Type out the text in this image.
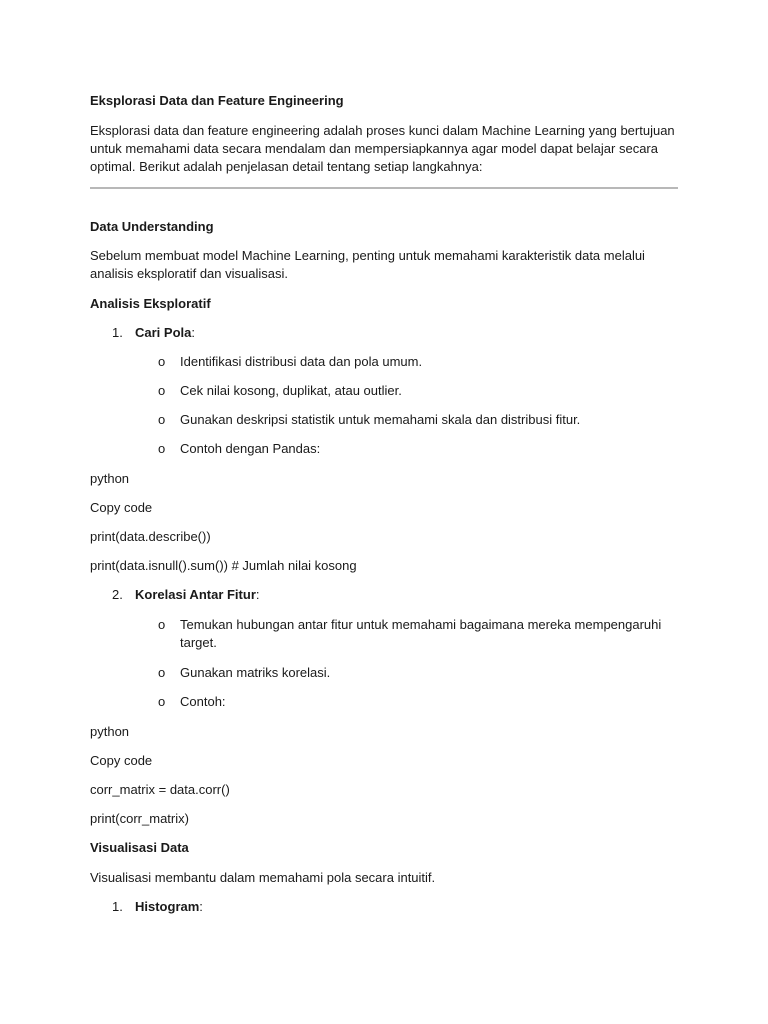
Eksplorasi Data dan Feature Engineering
Eksplorasi data dan feature engineering adalah proses kunci dalam Machine Learning yang bertujuan untuk memahami data secara mendalam dan mempersiapkannya agar model dapat belajar secara optimal. Berikut adalah penjelasan detail tentang setiap langkahnya:
Data Understanding
Sebelum membuat model Machine Learning, penting untuk memahami karakteristik data melalui analisis eksploratif dan visualisasi.
Analisis Eksploratif
1. Cari Pola:
o Identifikasi distribusi data dan pola umum.
o Cek nilai kosong, duplikat, atau outlier.
o Gunakan deskripsi statistik untuk memahami skala dan distribusi fitur.
o Contoh dengan Pandas:
python
Copy code
print(data.describe())
print(data.isnull().sum()) # Jumlah nilai kosong
2. Korelasi Antar Fitur:
o Temukan hubungan antar fitur untuk memahami bagaimana mereka mempengaruhi target.
o Gunakan matriks korelasi.
o Contoh:
python
Copy code
corr_matrix = data.corr()
print(corr_matrix)
Visualisasi Data
Visualisasi membantu dalam memahami pola secara intuitif.
1. Histogram:
